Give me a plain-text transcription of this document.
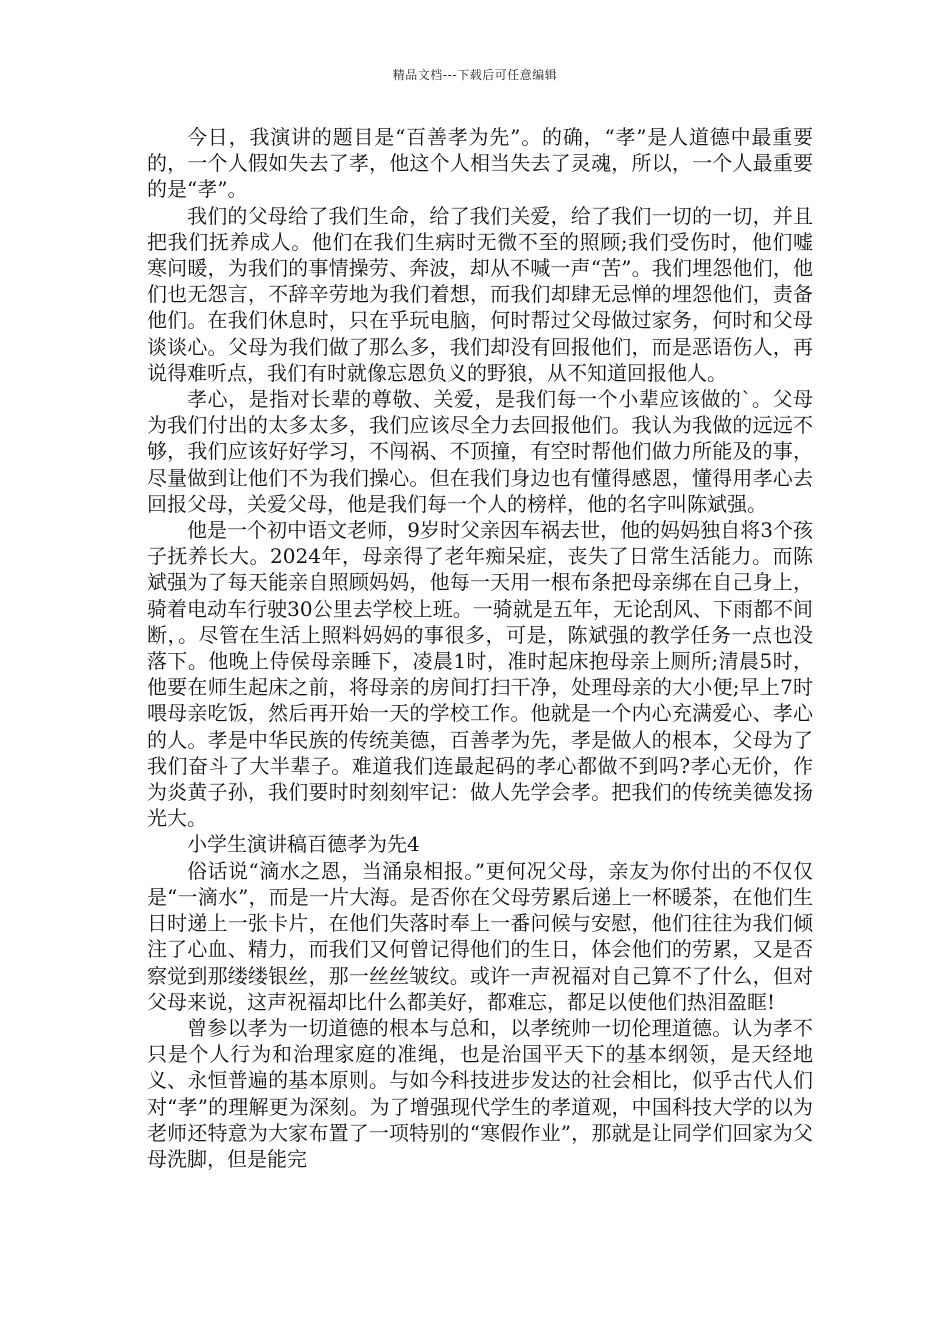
精品文档---下载后可任意编辑

今日，我演讲的题目是“百善孝为先”。的确，“孝”是人道德中最重要的，一个人假如失去了孝，他这个人相当失去了灵魂，所以，一个人最重要的是“孝”。

我们的父母给了我们生命，给了我们关爱，给了我们一切的一切，并且把我们抚养成人。他们在我们生病时无微不至的照顾;我们受伤时，他们嘘寒问暖，为我们的事情操劳、奔波，却从不喊一声“苦”。我们埋怨他们，他们也无怨言，不辞辛劳地为我们着想，而我们却肆无忌惮的埋怨他们，责备他们。在我们休息时，只在乎玩电脑，何时帮过父母做过家务，何时和父母谈谈心。父母为我们做了那么多，我们却没有回报他们，而是恶语伤人，再说得难听点，我们有时就像忘恩负义的野狼，从不知道回报他人。

孝心，是指对长辈的尊敬、关爱，是我们每一个小辈应该做的`。父母为我们付出的太多太多，我们应该尽全力去回报他们。我认为我做的远远不够，我们应该好好学习，不闯祸、不顶撞，有空时帮他们做力所能及的事，尽量做到让他们不为我们操心。但在我们身边也有懂得感恩，懂得用孝心去回报父母，关爱父母，他是我们每一个人的榜样，他的名字叫陈斌强。

他是一个初中语文老师，9岁时父亲因车祸去世，他的妈妈独自将3个孩子抚养长大。2024年，母亲得了老年痴呆症，丧失了日常生活能力。而陈斌强为了每天能亲自照顾妈妈，他每一天用一根布条把母亲绑在自己身上，骑着电动车行驶30公里去学校上班。一骑就是五年，无论刮风、下雨都不间断，。尽管在生活上照料妈妈的事很多，可是，陈斌强的教学任务一点也没落下。他晚上侍侯母亲睡下，凌晨1时，准时起床抱母亲上厕所;清晨5时，他要在师生起床之前，将母亲的房间打扫干净，处理母亲的大小便;早上7时喂母亲吃饭，然后再开始一天的学校工作。他就是一个内心充满爱心、孝心的人。孝是中华民族的传统美德，百善孝为先，孝是做人的根本，父母为了我们奋斗了大半辈子。难道我们连最起码的孝心都做不到吗?孝心无价，作为炎黄子孙，我们要时时刻刻牢记：做人先学会孝。把我们的传统美德发扬光大。

小学生演讲稿百德孝为先4

俗话说“滴水之恩，当涌泉相报。”更何况父母，亲友为你付出的不仅仅是“一滴水”，而是一片大海。是否你在父母劳累后递上一杯暖茶，在他们生日时递上一张卡片，在他们失落时奉上一番问候与安慰，他们往往为我们倾注了心血、精力，而我们又何曾记得他们的生日，体会他们的劳累，又是否察觉到那缕缕银丝，那一丝丝皱纹。或许一声祝福对自己算不了什么，但对父母来说，这声祝福却比什么都美好，都难忘，都足以使他们热泪盈眶!

曾参以孝为一切道德的根本与总和，以孝统帅一切伦理道德。认为孝不只是个人行为和治理家庭的准绳，也是治国平天下的基本纲领，是天经地义、永恒普遍的基本原则。与如今科技进步发达的社会相比，似乎古代人们对“孝”的理解更为深刻。为了增强现代学生的孝道观，中国科技大学的以为老师还特意为大家布置了一项特别的“寒假作业”，那就是让同学们回家为父母洗脚，但是能完
